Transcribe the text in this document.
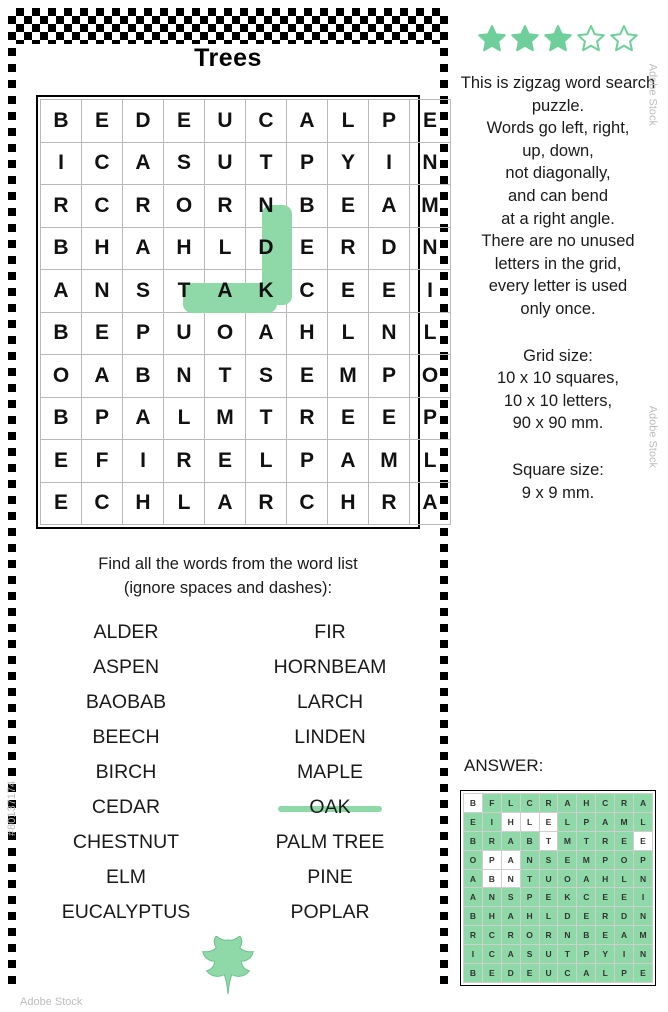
Trees
B	E	D	E	U	C	A	L	P	E
I	C	A	S	U	T	P	Y	I	N
R	C	R	O	R	N	B	E	A	M
B	H	A	H	L	D	E	R	D	N
A	N	S	T	A	K	C	E	E	I
B	E	P	U	O	A	H	L	N	L
O	A	B	N	T	S	E	M	P	O
B	P	A	L	M	T	R	E	E	P
E	F	I	R	E	L	P	A	M	L
E	C	H	L	A	R	C	H	R	A
Find all the words from the word list
(ignore spaces and dashes):
ALDER
ASPEN
BAOBAB
BEECH
BIRCH
CEDAR
CHESTNUT
ELM
EUCALYPTUS
FIR
HORNBEAM
LARCH
LINDEN
MAPLE
OAK
PALM TREE
PINE
POPLAR
#80137174
Adobe Stock
This is zigzag word search puzzle.
Words go left, right,
up, down,
not diagonally,
and can bend
at a right angle.
There are no unused
letters in the grid,
every letter is used
only once.
Grid size:
10 x 10 squares,
10 x 10 letters,
90 x 90 mm.
Square size:
9 x 9 mm.
ANSWER:
B	F	L	C	R	A	H	C	R	A
E	I	H	L	E	L	P	A	M	L
B	R	A	B	T	M	T	R	E	E
O	P	A	N	S	E	M	P	O	P
A	B	N	T	U	O	A	H	L	N
A	N	S	P	E	K	C	E	E	I
B	H	A	H	L	D	E	R	D	N
R	C	R	O	R	N	B	E	A	M
I	C	A	S	U	T	P	Y	I	N
B	E	D	E	U	C	A	L	P	E
Adobe Stock
Adobe Stock
